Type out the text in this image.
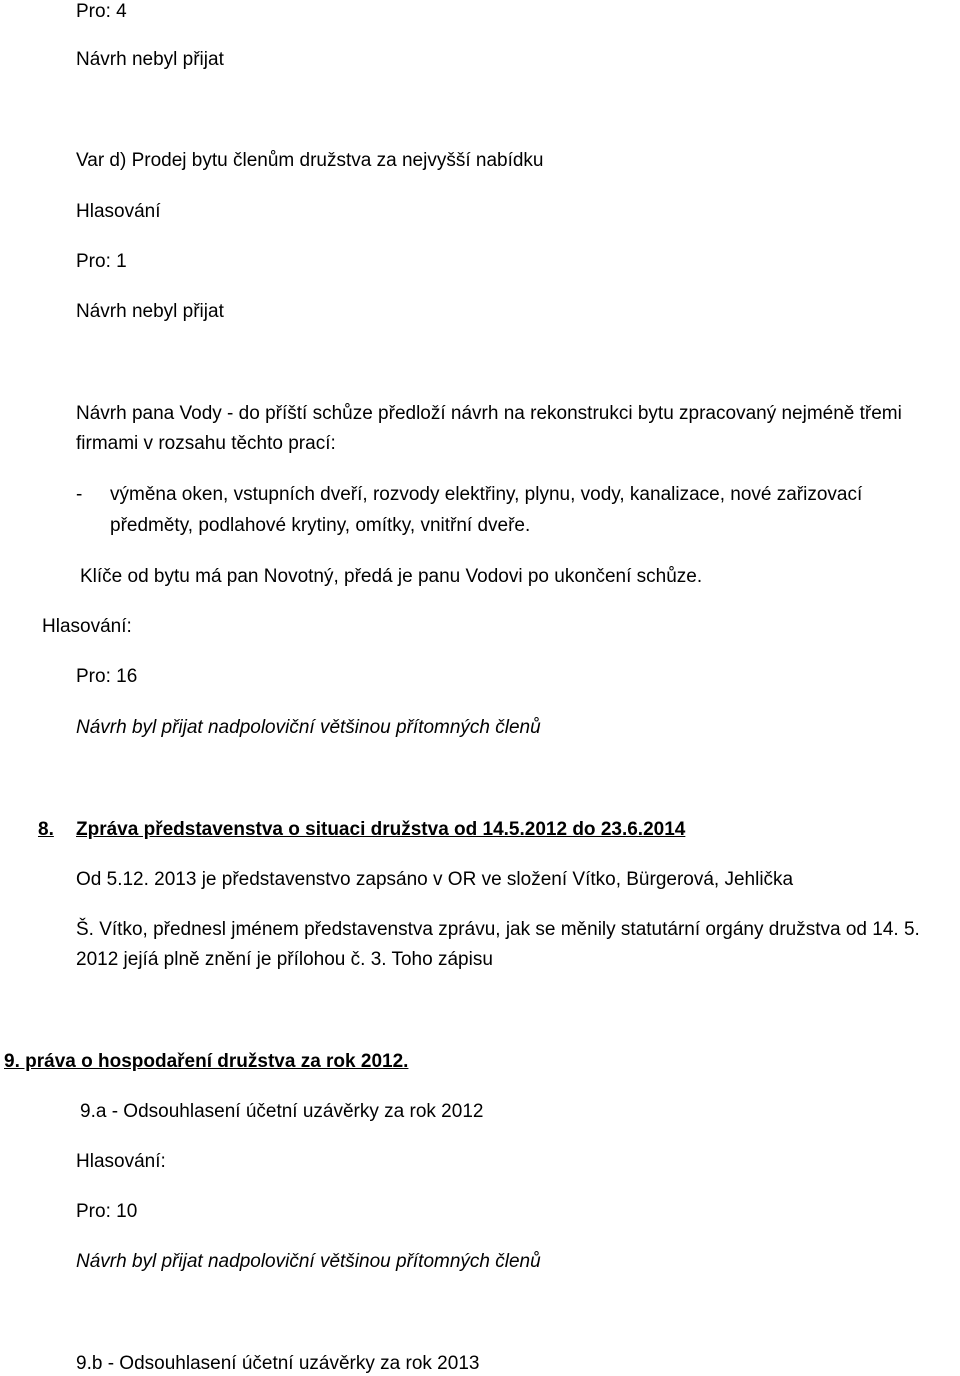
Pro: 4
Návrh nebyl přijat
Var d) Prodej bytu členům družstva za nejvyšší nabídku
Hlasování
Pro: 1
Návrh nebyl přijat
Návrh pana Vody - do příští schůze předloží návrh na rekonstrukci bytu zpracovaný nejméně třemi
firmami v rozsahu těchto prací:
- výměna oken, vstupních dveří, rozvody elektřiny, plynu, vody, kanalizace, nové zařizovací
předměty, podlahové krytiny, omítky, vnitřní dveře.
Klíče od bytu má pan Novotný, předá je panu Vodovi po ukončení schůze.
Hlasování:
Pro: 16
Návrh byl přijat nadpoloviční většinou přítomných členů
8. Zpráva představenstva o situaci družstva od 14.5.2012 do 23.6.2014
Od 5.12. 2013 je představenstvo zapsáno v OR ve složení Vítko, Bürgerová, Jehlička
Š. Vítko, přednesl jménem představenstva zprávu, jak se měnily statutární orgány družstva od 14. 5.
2012 jejíá plně znění je přílohou č. 3. Toho zápisu
9. práva o hospodaření družstva za rok 2012.
9.a - Odsouhlasení účetní uzávěrky za rok 2012
Hlasování:
Pro: 10
Návrh byl přijat nadpoloviční většinou přítomných členů
9.b - Odsouhlasení účetní uzávěrky za rok 2013
